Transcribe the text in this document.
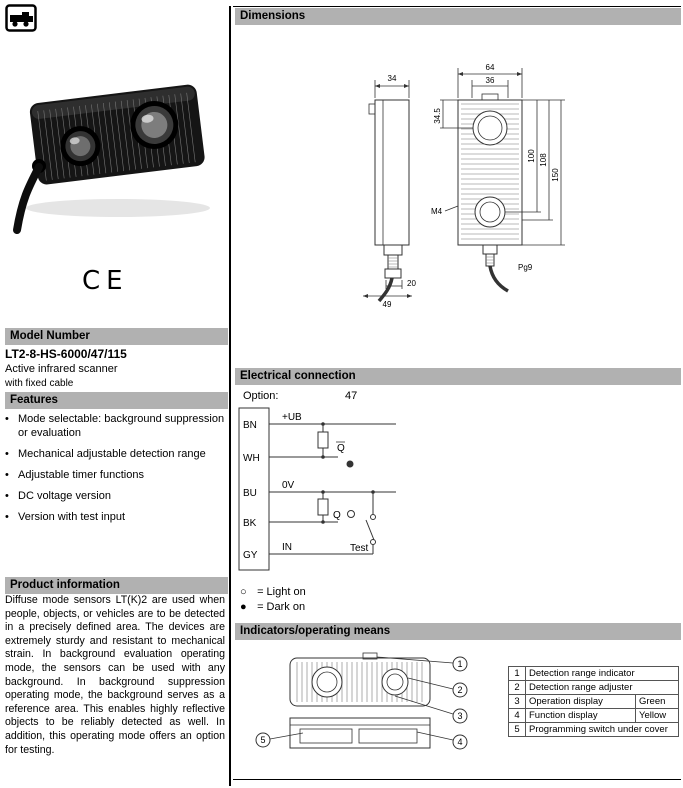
CE
Model Number
LT2-8-HS-6000/47/115
Active infrared scanner
with fixed cable
Features
• Mode selectable: background suppression or evaluation
• Mechanical adjustable detection range
• Adjustable timer functions
• DC voltage version
• Version with test input
Product information
Diffuse mode sensors LT(K)2 are used when people, objects, or vehicles are to be detected in a precisely defined area. The devices are extremely sturdy and resistant to mechanical strain. In background evaluation operating mode, the sensors can be used with any background. In background suppression operating mode, the background serves as a reference area. This enables highly reflective objects to be reliably detected as well. In addition, this operating mode offers an option for testing.
Dimensions
34
20
49
64
36
34.5
100 108
150
M4
Pg9
Electrical connection
Option:	47
BN
WH
BU
BK
GY
+UB
0V
IN
Q
Q
Test
○ = Light on
● = Dark on
Indicators/operating means
1
2
3
4
5
1	Detection range indicator	
2	Detection range adjuster	
3	Operation display	Green
4	Function display	Yellow
5	Programming switch under cover	
